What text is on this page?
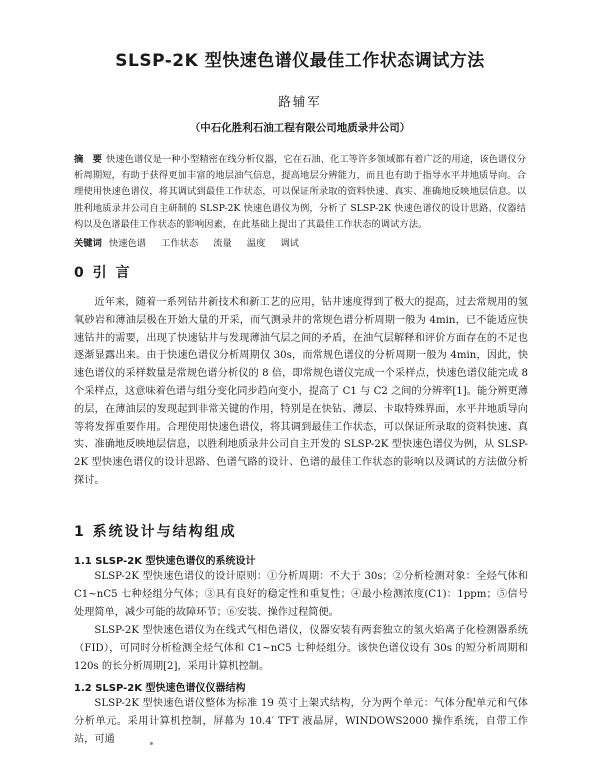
SLSP-2K 型快速色谱仪最佳工作状态调试方法
路辅军
（中石化胜利石油工程有限公司地质录井公司）
摘　要 快速色谱仪是一种小型精密在线分析仪器，它在石油、化工等许多领域都有着广泛的用途，该色谱仪分析周期短，有助于获得更加丰富的地层油气信息，提高地层分辨能力，而且也有助于指导水平井地质导向。合理使用快速色谱仪，将其调试到最佳工作状态，可以保证所录取的资料快速、真实、准确地反映地层信息。以胜利地质录井公司自主研制的 SLSP-2K 快速色谱仪为例，分析了 SLSP-2K 快速色谱仪的设计思路、仪器结构以及色谱最佳工作状态的影响因素，在此基础上提出了其最佳工作状态的调试方法。
关键词 快速色谱 工作状态 流量 温度 调试
0 引 言
近年来，随着一系列钻井新技术和新工艺的应用，钻井速度得到了极大的提高，过去常规用的氢氧砂岩和薄油层极在开始大量的开采，而气测录井的常规色谱分析周期一般为 4min，已不能适应快速钻井的需要，出现了快速钻井与发现薄油气层之间的矛盾，在油气层解释和评价方面存在的不足也逐渐显露出来。由于快速色谱仪分析周期仅 30s，而常规色谱仪的分析周期一般为 4min，因此，快速色谱仪的采样数量是常规色谱分析仪的 8 倍，即常规色谱仪完成一个采样点，快速色谱仪能完成 8 个采样点，这意味着色谱与组分变化同步趋向变小，提高了 C1 与 C2 之间的分辨率[1]。能分辨更薄的层，在薄油层的发现起到非常关键的作用，特别是在快钻、薄层、卡取特殊界面，水平井地质导向等将发挥重要作用。合理使用快速色谱仪，将其调到最佳工作状态，可以保证所录取的资料快速、真实、准确地反映地层信息，以胜利地质录井公司自主开发的 SLSP-2K 型快速色谱仪为例，从 SLSP-2K 型快速色谱仪的设计思路、色谱气路的设计、色谱的最佳工作状态的影响以及调试的方法做分析探讨。
1 系统设计与结构组成
1.1 SLSP-2K 型快速色谱仪的系统设计
SLSP-2K 型快速色谱仪的设计原则：①分析周期：不大于 30s；②分析检测对象：全烃气体和 C1~nC5 七种烃组分气体；③具有良好的稳定性和重复性；④最小检测浓度(C1)：1ppm；⑤信号处理简单，减少可能的故障环节；⑥安装、操作过程简便。
SLSP-2K 型快速色谱仪为在线式气相色谱仪，仪器安装有两套独立的氢火焰离子化检测器系统（FID），可同时分析检测全烃气体和 C1~nC5 七种烃组分。该快色谱仪设有 30s 的短分析周期和 120s 的长分析周期[2]，采用计算机控制。
1.2 SLSP-2K 型快速色谱仪仪器结构
SLSP-2K 型快速色谱仪整体为标准 19 英寸上架式结构，分为两个单元：气体分配单元和气体分析单元。采用计算机控制，屏幕为 10.4′ TFT 液晶屏，WINDOWS2000 操作系统，自带工作站，可通
